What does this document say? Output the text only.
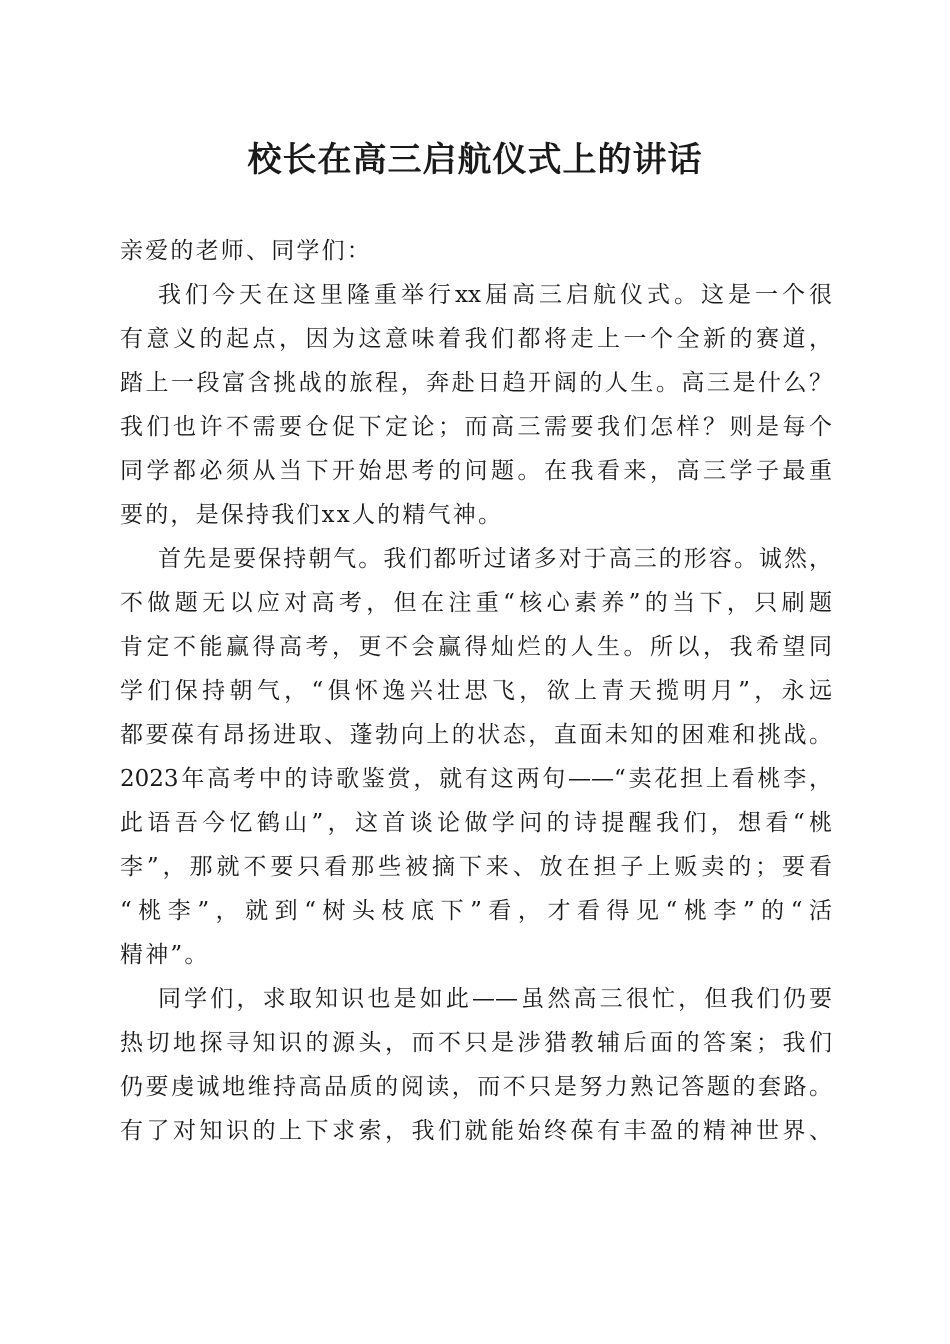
校长在高三启航仪式上的讲话
亲爱的老师、同学们：
我们今天在这里隆重举行xx届高三启航仪式。这是一个很
有意义的起点，因为这意味着我们都将走上一个全新的赛道，
踏上一段富含挑战的旅程，奔赴日趋开阔的人生。高三是什么？
我们也许不需要仓促下定论；而高三需要我们怎样？则是每个
同学都必须从当下开始思考的问题。在我看来，高三学子最重
要的，是保持我们xx人的精气神。
首先是要保持朝气。我们都听过诸多对于高三的形容。诚然，
不做题无以应对高考，但在注重“核心素养”的当下，只刷题
肯定不能赢得高考，更不会赢得灿烂的人生。所以，我希望同
学们保持朝气，“俱怀逸兴壮思飞，欲上青天揽明月”，永远
都要葆有昂扬进取、蓬勃向上的状态，直面未知的困难和挑战。
2023年高考中的诗歌鉴赏，就有这两句——“卖花担上看桃李，
此语吾今忆鹤山”，这首谈论做学问的诗提醒我们，想看“桃
李”，那就不要只看那些被摘下来、放在担子上贩卖的；要看
“桃李”，就到“树头枝底下”看，才看得见“桃李”的“活
精神”。
同学们，求取知识也是如此——虽然高三很忙，但我们仍要
热切地探寻知识的源头，而不只是涉猎教辅后面的答案；我们
仍要虔诚地维持高品质的阅读，而不只是努力熟记答题的套路。
有了对知识的上下求索，我们就能始终葆有丰盈的精神世界、
